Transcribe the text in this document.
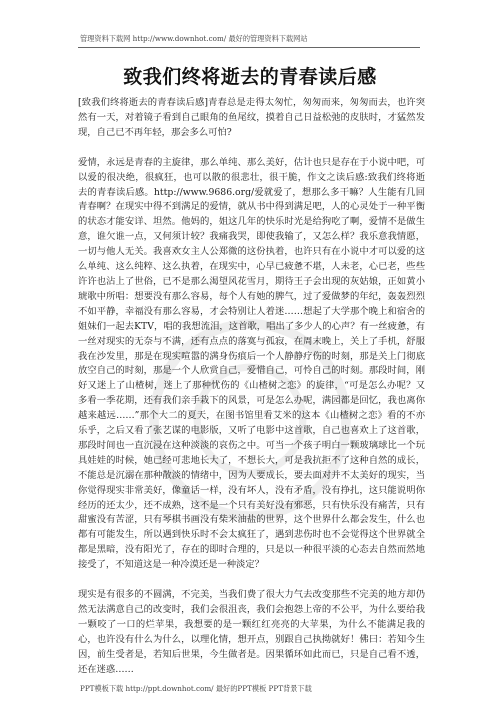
管理资料下载网 http://www.downhot.com/ 最好的管理资料下载网站
致我们终将逝去的青春读后感

[致我们终将逝去的青春读后感]青春总是走得太匆忙，匆匆而来，匆匆而去，也许突然有一天，对着镜子看到自己眼角的鱼尾纹，摸着自己日益松弛的皮肤时，才猛然发现，自己已不再年轻，那会多么可怕?

爱情，永远是青春的主旋律，那么单纯、那么美好，估计也只是存在于小说中吧，可以爱的很决绝，很疯狂，也可以散的很悲壮，很干脆，作文之读后感:致我们终将逝去的青春读后感。http://www.9686.org/爱就爱了，想那么多干嘛？人生能有几回青春啊？在现实中得不到满足的爱情，就从书中得到满足吧，人的心灵处于一种平衡的状态才能安详、坦然。他妈的，姐这几年的快乐时光是给狗吃了啊，爱情不是做生意，谁欠谁一点，又何须计较？我痛我哭，即使我输了，又怎么样？我乐意我情愿，一切与他人无关。我喜欢女主人公郑微的这份执着，也许只有在小说中才可以爱的这么单纯、这么纯粹、这么执着，在现实中，心早已疲惫不堪，人未老，心已老，些些许许也沾上了世俗，已不是那么渴望风花雪月，期待王子会出现的灰姑娘，正如黄小琥歌中所唱：想要没有那么容易，每个人有她的脾气，过了爱做梦的年纪，轰轰烈烈不如平静，幸福没有那么容易，才会特别让人着迷……想起了大学那个晚上和宿舍的姐妹们一起去KTV，唱的我想流泪，这首歌，唱出了多少人的心声？有一丝疲惫，有一丝对现实的无奈与不满，还有点点的落寞与孤寂，在周末晚上，关上了手机，舒服我在沙发里，那是在现实喧嚣的满身伤痕后一个人静静疗伤的时刻，那是关上门彻底放空自己的时刻，那是一个人欣赏自己，爱惜自己，可怜自己的时刻。那段时间，刚好又迷上了山楂树，迷上了那种忧伤的《山楂树之恋》的旋律，“可是怎么办呢？又多看一季花期，还有我们亲手栽下的风景，可是怎么办呢，满园都是回忆，我也离你越来越远……”那个大二的夏天，在图书馆里看艾米的这本《山楂树之恋》看的不亦乐乎，之后又看了张艺谋的电影版，又听了电影中这首歌，自己也喜欢上了这首歌，那段时间也一直沉浸在这种淡淡的哀伤之中。可当一个孩子明白一颗玻璃球比一个玩具娃娃的时候，她已经可悲地长大了，不想长大，可是我抗拒不了这种自然的成长，不能总是沉溺在那种散淡的情绪中，因为人要成长，要去面对并不太美好的现实，当你觉得现实非常美好，像童话一样，没有坏人，没有矛盾，没有挣扎，这只能说明你经历的还太少，还不成熟，这不是一个只有美好没有邪恶，只有快乐没有痛苦，只有甜蜜没有苦涩，只有琴棋书画没有柴米油盐的世界，这个世界什么都会发生，什么也都有可能发生，所以遇到快乐时不会太疯狂了，遇到悲伤时也不会觉得这个世界就全都是黑暗，没有阳光了，存在的即时合理的，只是以一种很平淡的心态去自然而然地接受了，不知道这是一种冷漠还是一种淡定？

现实是有很多的不圆满，不完美，当我们费了很大力气去改变那些不完美的地方却仍然无法满意自己的改变时，我们会很沮丧，我们会抱怨上帝的不公平，为什么要给我一颗咬了一口的烂苹果，我想要的是一颗红红亮亮的大苹果，为什么不能满足我的心，也许没有什么为什么，以理化情，想开点，别跟自己执拗就好！佛曰：若知今生因，前生受者是，若知后世果，今生做者是。因果循环如此而已，只是自己看不透，还在迷惑……

PPT模板下载 http://ppt.downhot.com/ 最好的PPT模板 PPT背景下载
